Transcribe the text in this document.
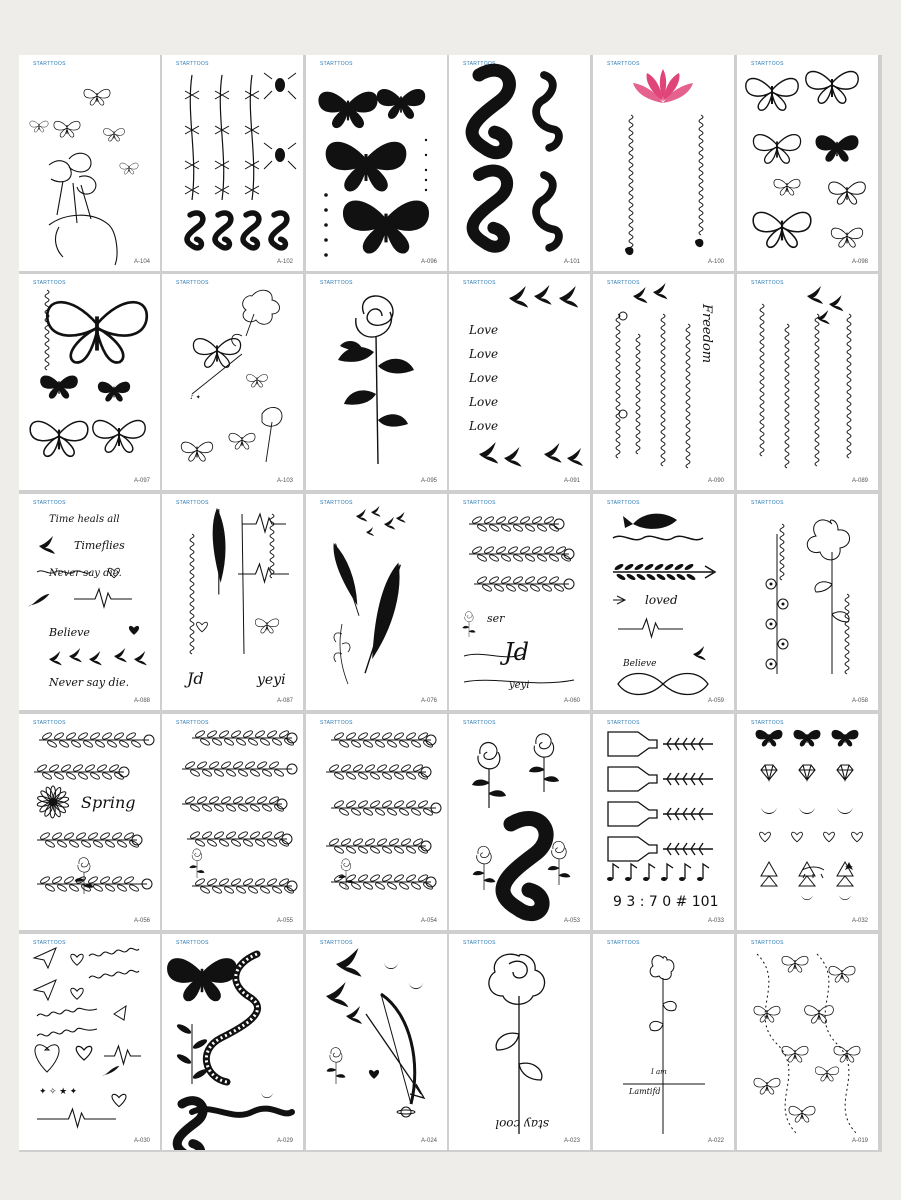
STARTTOOS
A-104
STARTTOOS
A-102
STARTTOOS
A-096
STARTTOOS
A-101
STARTTOOS
A-100
STARTTOOS
A-098
STARTTOOS
A-097
STARTTOOS
♪ ✦
A-103
STARTTOOS
A-095
STARTTOOS
Love
Love
Love
Love
Love
A-091
STARTTOOS
Freedom
A-090
STARTTOOS
A-089
STARTTOOS
Time heals all
Timeflies
Never say die.
Believe
Never say die.
A-088
STARTTOOS
Jd	yeyi
A-087
STARTTOOS
A-076
STARTTOOS
ser
Jd
yeyi
A-060
STARTTOOS
loved
Believe
A-059
STARTTOOS
A-058
STARTTOOS
Spring
A-056
STARTTOOS
A-055
STARTTOOS
A-054
STARTTOOS
A-053
STARTTOOS
9 3 : 7 0 # 101
A-033
STARTTOOS
A-032
STARTTOOS
✦ ✧ ★ ✦
A-030
STARTTOOS
A-029
STARTTOOS
A-024
STARTTOOS
stay cool
A-023
STARTTOOS
I am
Lamtifd
A-022
STARTTOOS
A-019
